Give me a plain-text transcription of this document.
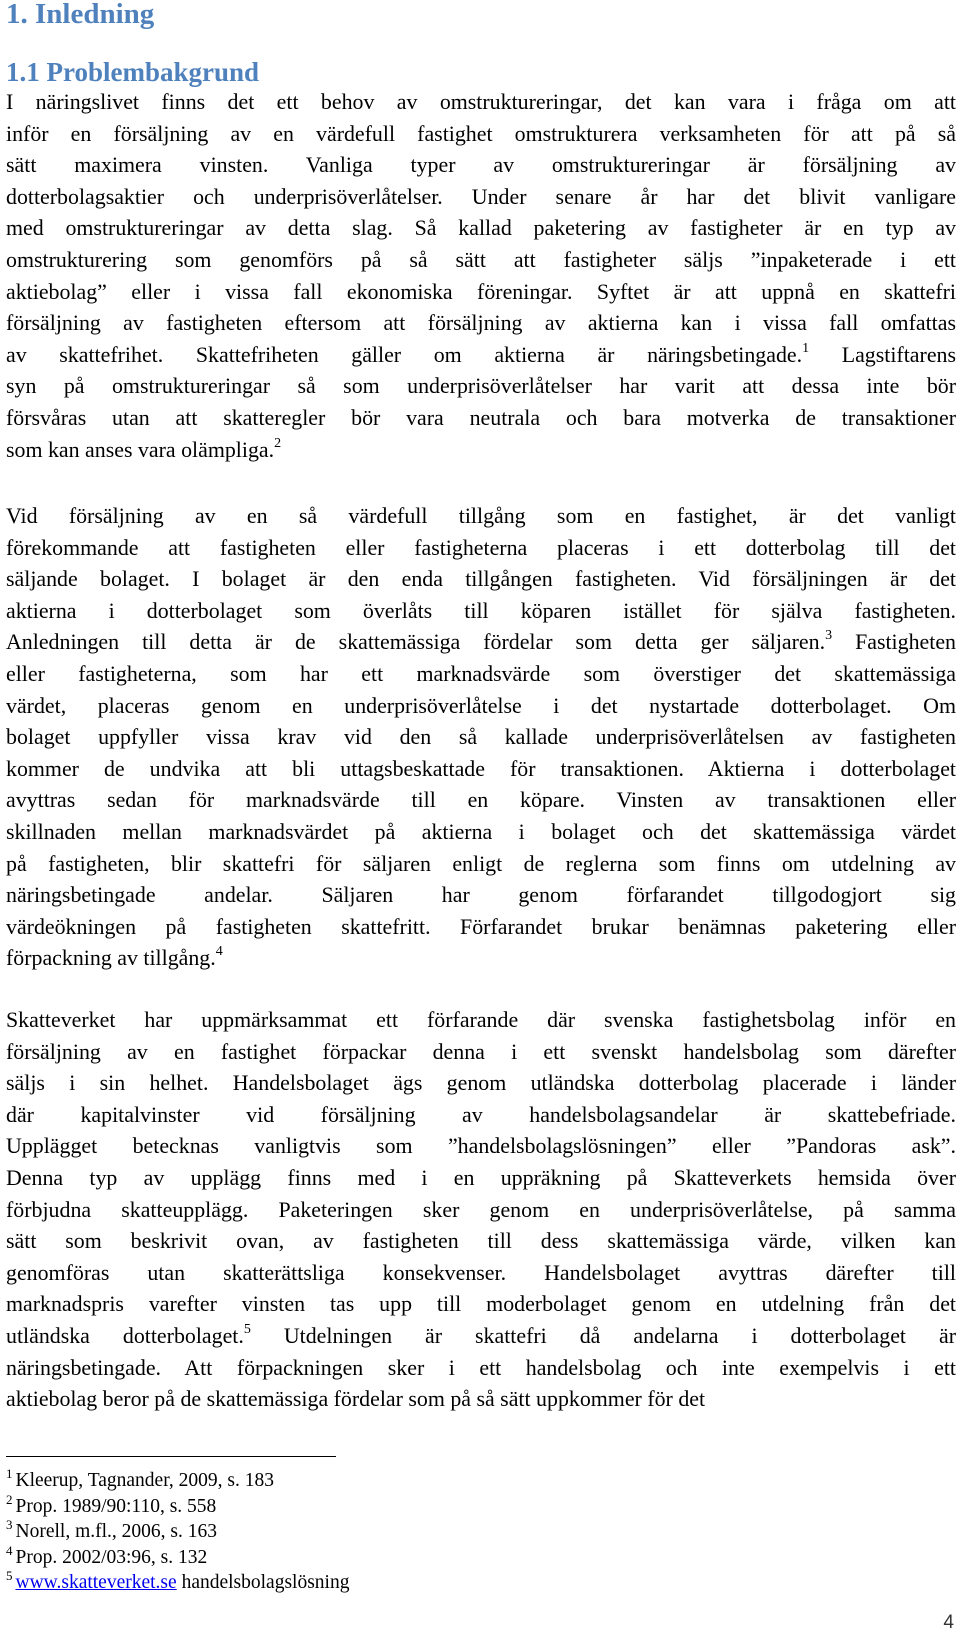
1. Inledning
1.1 Problembakgrund
I näringslivet finns det ett behov av omstruktureringar, det kan vara i fråga om att
inför en försäljning av en värdefull fastighet omstrukturera verksamheten för att på så
sätt maximera vinsten. Vanliga typer av omstruktureringar är försäljning av
dotterbolagsaktier och underprisöverlåtelser. Under senare år har det blivit vanligare
med omstruktureringar av detta slag. Så kallad paketering av fastigheter är en typ av
omstrukturering som genomförs på så sätt att fastigheter säljs ”inpaketerade i ett
aktiebolag” eller i vissa fall ekonomiska föreningar. Syftet är att uppnå en skattefri
försäljning av fastigheten eftersom att försäljning av aktierna kan i vissa fall omfattas
av skattefrihet. Skattefriheten gäller om aktierna är näringsbetingade.$^1$ Lagstiftarens
syn på omstruktureringar så som underprisöverlåtelser har varit att dessa inte bör
försvåras utan att skatteregler bör vara neutrala och bara motverka de transaktioner
som kan anses vara olämpliga.$^2$
Vid försäljning av en så värdefull tillgång som en fastighet, är det vanligt
förekommande att fastigheten eller fastigheterna placeras i ett dotterbolag till det
säljande bolaget. I bolaget är den enda tillgången fastigheten. Vid försäljningen är det
aktierna i dotterbolaget som överlåts till köparen istället för själva fastigheten.
Anledningen till detta är de skattemässiga fördelar som detta ger säljaren.$^3$ Fastigheten
eller fastigheterna, som har ett marknadsvärde som överstiger det skattemässiga
värdet, placeras genom en underprisöverlåtelse i det nystartade dotterbolaget. Om
bolaget uppfyller vissa krav vid den så kallade underprisöverlåtelsen av fastigheten
kommer de undvika att bli uttagsbeskattade för transaktionen. Aktierna i dotterbolaget
avyttras sedan för marknadsvärde till en köpare. Vinsten av transaktionen eller
skillnaden mellan marknadsvärdet på aktierna i bolaget och det skattemässiga värdet
på fastigheten, blir skattefri för säljaren enligt de reglerna som finns om utdelning av
näringsbetingade andelar. Säljaren har genom förfarandet tillgodogjort sig
värdeökningen på fastigheten skattefritt. Förfarandet brukar benämnas paketering eller
förpackning av tillgång.$^4$
Skatteverket har uppmärksammat ett förfarande där svenska fastighetsbolag inför en
försäljning av en fastighet förpackar denna i ett svenskt handelsbolag som därefter
säljs i sin helhet. Handelsbolaget ägs genom utländska dotterbolag placerade i länder
där kapitalvinster vid försäljning av handelsbolagsandelar är skattebefriade.
Upplägget betecknas vanligtvis som ”handelsbolagslösningen” eller ”Pandoras ask”.
Denna typ av upplägg finns med i en uppräkning på Skatteverkets hemsida över
förbjudna skatteupplägg. Paketeringen sker genom en underprisöverlåtelse, på samma
sätt som beskrivit ovan, av fastigheten till dess skattemässiga värde, vilken kan
genomföras utan skatterättsliga konsekvenser. Handelsbolaget avyttras därefter till
marknadspris varefter vinsten tas upp till moderbolaget genom en utdelning från det
utländska dotterbolaget.$^5$ Utdelningen är skattefri då andelarna i dotterbolaget är
näringsbetingade. Att förpackningen sker i ett handelsbolag och inte exempelvis i ett
aktiebolag beror på de skattemässiga fördelar som på så sätt uppkommer för det
$^1$ Kleerup, Tagnander, 2009, s. 183
$^2$ Prop. 1989/90:110, s. 558
$^3$ Norell, m.fl., 2006, s. 163
$^4$ Prop. 2002/03:96, s. 132
$^5$ www.skatteverket.se handelsbolagslösning
4
